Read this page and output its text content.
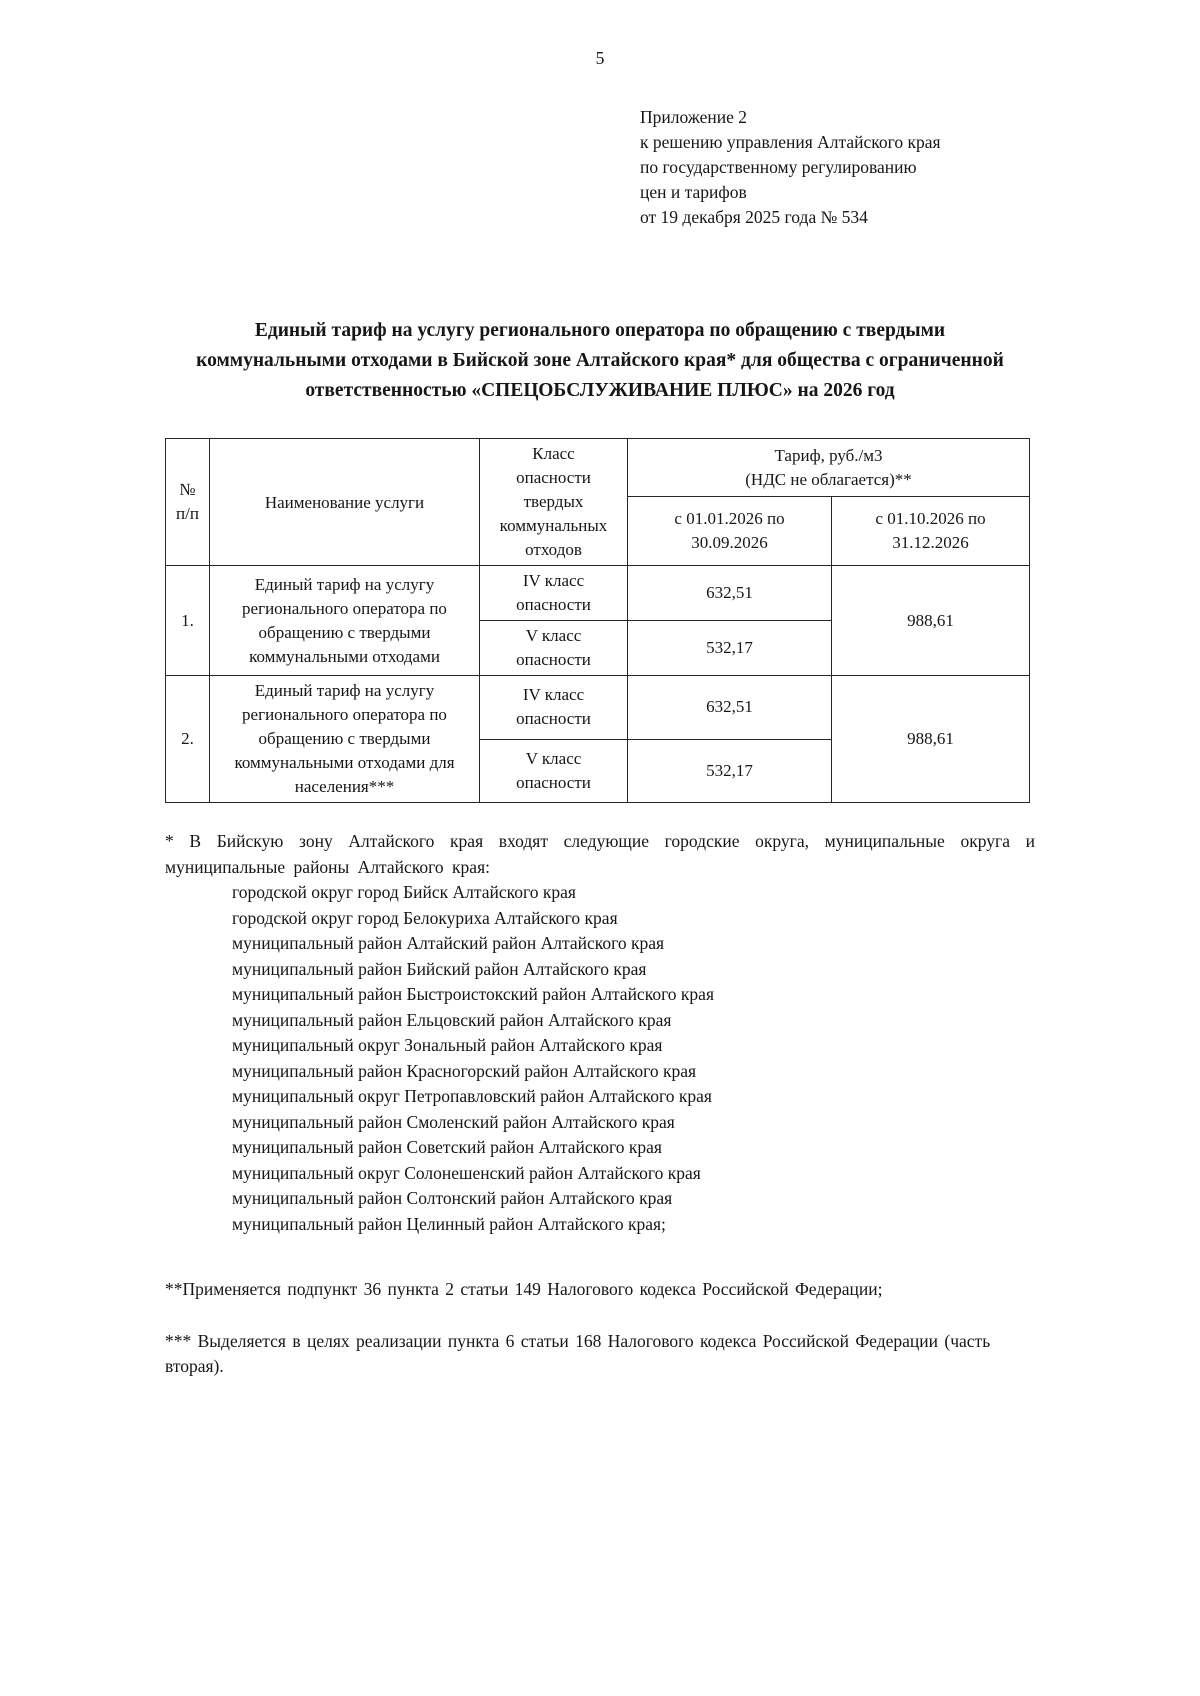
5
Приложение 2
к решению управления Алтайского края
по государственному регулированию
цен и тарифов
от 19 декабря 2025 года № 534
Единый тариф на услугу регионального оператора по обращению с твердыми коммунальными отходами в Бийской зоне Алтайского края* для общества с ограниченной ответственностью «СПЕЦОБСЛУЖИВАНИЕ ПЛЮС» на 2026 год
№ п/п	Наименование услуги	Класс опасности твердых коммунальных отходов	Тариф, руб./м3
(НДС не облагается)**	

			с 01.01.2026 по 30.09.2026	с 01.10.2026 по 31.12.2026
1.	Единый тариф на услугу регионального оператора по обращению с твердыми коммунальными отходами	IV класс опасности	632,51	988,61
		V класс опасности	532,17	
2.	Единый тариф на услугу регионального оператора по обращению с твердыми коммунальными отходами для населения***	IV класс опасности	632,51	988,61
		V класс опасности	532,17	

* В Бийскую зону Алтайского края входят следующие городские округа, муниципальные округа и муниципальные районы Алтайского края:

городской округ город Бийск Алтайского края
городской округ город Белокуриха Алтайского края
муниципальный район Алтайский район Алтайского края
муниципальный район Бийский район Алтайского края
муниципальный район Быстроистокский район Алтайского края
муниципальный район Ельцовский район Алтайского края
муниципальный округ Зональный район Алтайского края
муниципальный район Красногорский район Алтайского края
муниципальный округ Петропавловский район Алтайского края
муниципальный район Смоленский район Алтайского края
муниципальный район Советский район Алтайского края
муниципальный округ Солонешенский район Алтайского края
муниципальный район Солтонский район Алтайского края
муниципальный район Целинный район Алтайского края;

**Применяется подпункт 36 пункта 2 статьи 149 Налогового кодекса Российской Федерации;

*** Выделяется в целях реализации пункта 6 статьи 168 Налогового кодекса Российской Федерации (часть вторая).
